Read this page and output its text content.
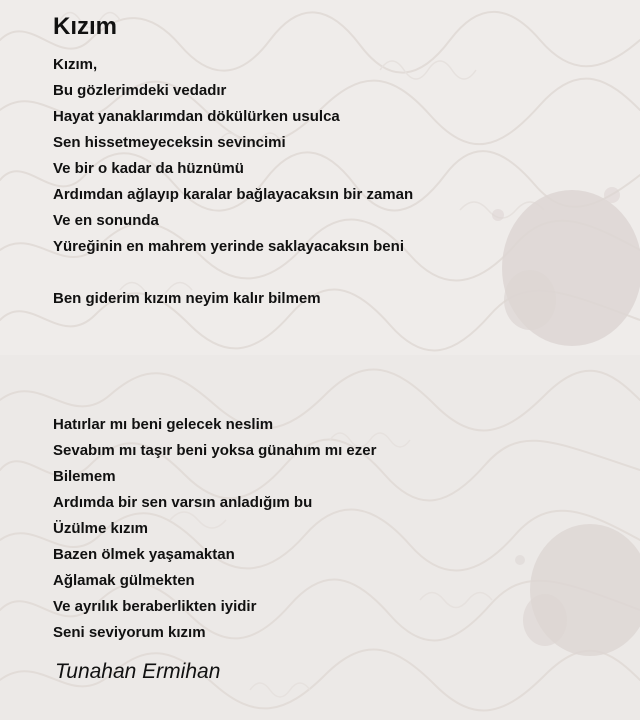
Kızım
Kızım,
Bu gözlerimdeki vedadır
Hayat yanaklarımdan dökülürken usulca
Sen hissetmeyeceksin sevincimi
Ve bir o kadar da hüznümü
Ardımdan ağlayıp karalar bağlayacaksın bir zaman
Ve en sonunda
Yüreğinin en mahrem yerinde saklayacaksın beni
Ben giderim kızım neyim kalır bilmem
Hatırlar mı beni gelecek neslim
Sevabım mı taşır beni yoksa günahım mı ezer
Bilemem
Ardımda bir sen varsın anladığım bu
Üzülme kızım
Bazen ölmek yaşamaktan
Ağlamak gülmekten
Ve ayrılık beraberlikten iyidir
Seni seviyorum kızım
Tunahan Ermihan
